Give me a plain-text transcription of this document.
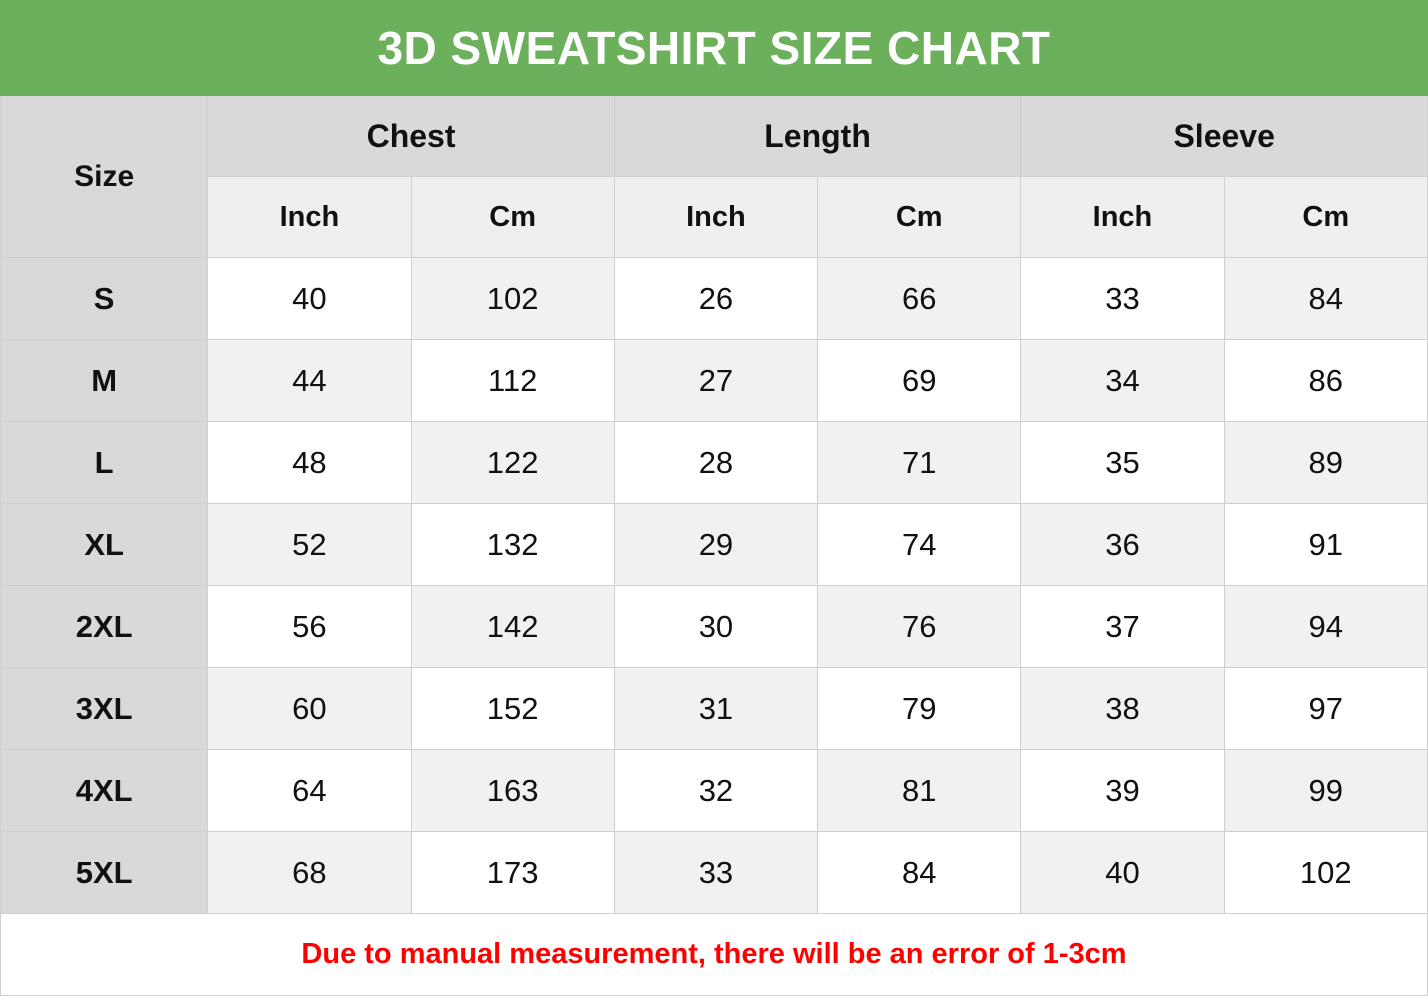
3D SWEATSHIRT SIZE CHART						
Size	Chest		Length		Sleeve	
	Inch	Cm	Inch	Cm	Inch	Cm
S	40	102	26	66	33	84
M	44	112	27	69	34	86
L	48	122	28	71	35	89
XL	52	132	29	74	36	91
2XL	56	142	30	76	37	94
3XL	60	152	31	79	38	97
4XL	64	163	32	81	39	99
5XL	68	173	33	84	40	102
Due to manual measurement, there will be an error of 1-3cm						
